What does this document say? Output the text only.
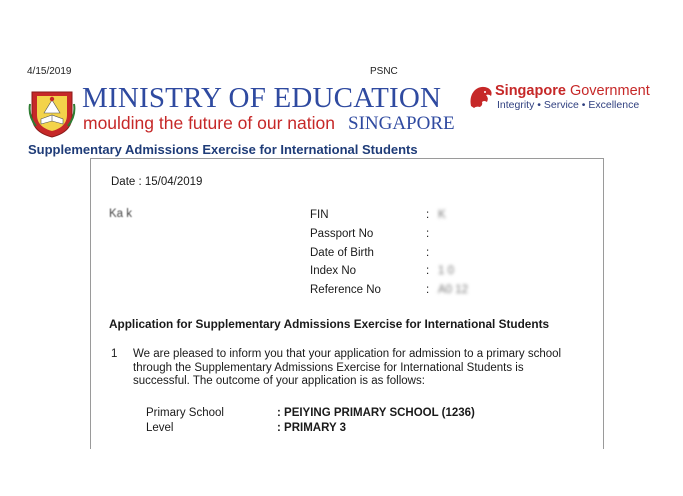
4/15/2019	PSNC
MINISTRY OF EDUCATION
moulding the future of our nation SINGAPORE
Singapore Government
Integrity • Service • Excellence
Supplementary Admissions Exercise for International Students
Date : 15/04/2019
Ka k	FIN	: K
Passport No	:
Date of Birth	:
Index No	: 1 0
Reference No	: A0 12
Application for Supplementary Admissions Exercise for International Students
1 We are pleased to inform you that your application for admission to a primary school
through the Supplementary Admissions Exercise for International Students is
successful. The outcome of your application is as follows:
Primary School	: PEIYING PRIMARY SCHOOL (1236)
Level	: PRIMARY 3
